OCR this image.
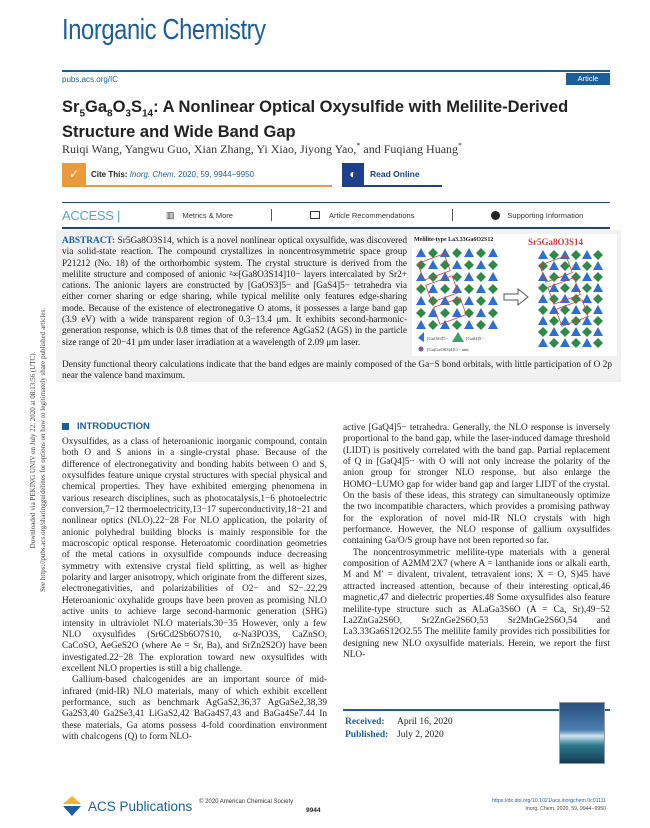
Inorganic Chemistry
pubs.acs.org/IC	Article
$Sr_5Ga_8O_3S_{14}$: A Nonlinear Optical Oxysulfide with Melilite-Derived
Structure and Wide Band Gap
Ruiqi Wang, Yangwu Guo, Xian Zhang, Yi Xiao, Jiyong Yao,* and Fuqiang Huang*
✓	Cite This: Inorg. Chem. 2020, 59, 9944−9950	◐	Read Online
ACCESS |	▥ Metrics & More	Article Recommendations	Supporting Information
ABSTRACT: Sr5Ga8O3S14, which is a novel nonlinear optical oxysulfide, was discovered via solid-state reaction. The compound crystallizes in noncentrosymmetric space group P21212 (No. 18) of the orthorhombic system. The crystal structure is derived from the melilite structure and composed of anionic ²∞[Ga8O3S14]10− layers intercalated by Sr2+ cations. The anionic layers are constructed by [GaOS3]5− and [GaS4]5− tetrahedra via either corner sharing or edge sharing, while typical melilite only features edge-sharing mode. Because of the existence of electronegative O atoms, it possesses a large band gap (3.9 eV) with a wide transparent region of 0.3−13.4 μm. It exhibits second-harmonic-generation response, which is 0.8 times that of the reference AgGaS2 (AGS) in the particle size range of 20−41 μm under laser irradiation at a wavelength of 2.09 μm laser.
Density functional theory calculations indicate that the band edges are mainly composed of the Ga−S bond orbitals, with little participation of O 2p near the valence band maximum.
[GaOS3]5−	[GaS4]5−
[Ga(GaOS3)4]11− unit
Melilite-type La3.33Ga6O2S12	Sr5Ga8O3S14
Downloaded via PEKING UNIV on July 22, 2020 at 08:13:56 (UTC). See https://pubs.acs.org/sharingguidelines for options on how to legitimately share published articles.	INTRODUCTION

Oxysulfides, as a class of heteroanionic inorganic compound, contain both O and S anions in a single-crystal phase. Because of the difference of electronegativity and bonding habits between O and S, oxysulfides feature unique crystal structures with special physical and chemical properties. They have exhibited emerging phenomena in various research disciplines, such as photocatalysis,1−6 photoelectric conversion,7−12 thermoelectricity,13−17 superconductivity,18−21 and nonlinear optics (NLO).22−28 For NLO application, the polarity of anionic polyhedral building blocks is mainly responsible for the macroscopic optical response. Heteroatomic coordination geometries of the metal cations in oxysulfide compounds induce decreasing symmetry with extensive crystal field splitting, as well as higher polarity and larger anisotropy, which originate from the different sizes, electronegativities, and polarizabilities of O2− and S2−.22,29 Heteroanionic oxyhalide groups have been proven as promising NLO active units to achieve large second-harmonic generation (SHG) intensity in ultraviolet NLO materials.30−35 However, only a few NLO oxysulfides (Sr6Cd2Sb6O7S10, α-Na3PO3S, CaZnSO, CaCoSO, AeGeS2O (where Ae = Sr, Ba), and SrZn2S2O) have been investigated.22−28 The exploration toward new oxysulfides with excellent NLO properties is still a big challenge.

Gallium-based chalcogenides are an important source of mid-infrared (mid-IR) NLO materials, many of which exhibit excellent performance, such as benchmark AgGaS2,36,37 AgGaSe2,38,39 Ga2S3,40 Ga2Se3,41 LiGaS2,42 BaGa4S7,43 and BaGa4Se7.44 In these materials, Ga atoms possess 4-fold coordination environment with chalcogens (Q) to form NLO-

active [GaQ4]5− tetrahedra. Generally, the NLO response is inversely proportional to the band gap, while the laser-induced damage threshold (LIDT) is positively correlated with the band gap. Partial replacement of Q in [GaQ4]5− with O will not only increase the polarity of the anion group for stronger NLO response, but also enlarge the HOMO−LUMO gap for wider band gap and larger LIDT of the crystal. On the basis of these ideas, this strategy can simultaneously optimize the two incompatible characters, which provides a promising pathway for the exploration of novel mid-IR NLO crystals with high performance. However, the NLO response of gallium oxysulfides containing Ga/O/S group have not been reported so far.

The noncentrosymmetric melilite-type materials with a general composition of A2MM′2X7 (where A = lanthanide ions or alkali earth, M and M′ = divalent, trivalent, tetravalent ions; X = O, S)45 have attracted increased attention, because of their interesting optical,46 magnetic,47 and dielectric properties.48 Some oxysulfides also feature melilite-type structure such as ALaGa3S6O (A = Ca, Sr),49−52 La2ZnGa2S6O, Sr2ZnGe2S6O,53 Sr2MnGe2S6O,54 and La3.33Ga6S12O2.55 The melilite family provides rich possibilities for designing new NLO oxysulfide materials. Herein, we report the first NLO-

Received: April 16, 2020
Published: July 2, 2020
ACS Publications © 2020 American Chemical Society
9944
https://dx.doi.org/10.1021/acs.inorgchem.0c01111
Inorg. Chem. 2020, 59, 9944−9950
